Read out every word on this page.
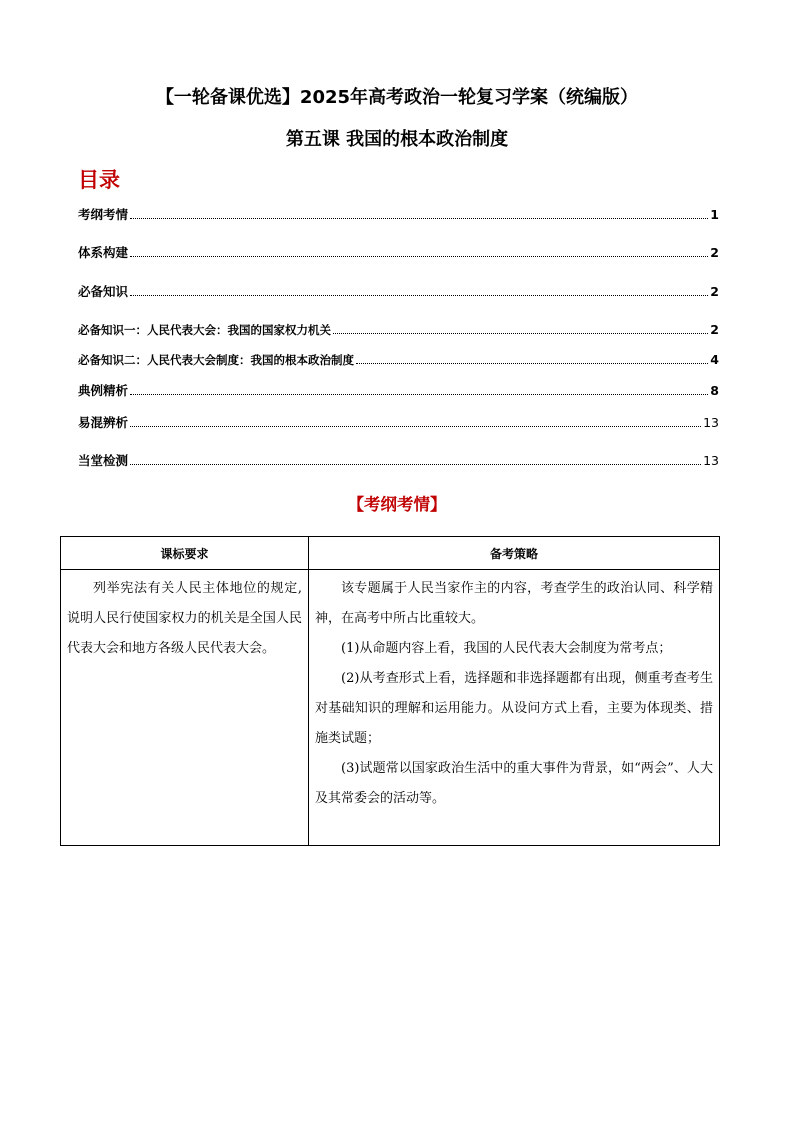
【一轮备课优选】2025年高考政治一轮复习学案（统编版）
第五课 我国的根本政治制度
目录
考纲考情	1
体系构建	2
必备知识	2
必备知识一：人民代表大会：我国的国家权力机关	2
必备知识二：人民代表大会制度：我国的根本政治制度	4
典例精析	8
易混辨析	13
当堂检测	13
【考纲考情】
课标要求	备考策略

列举宪法有关人民主体地位的规定,说明人民行使国家权力的机关是全国人民代表大会和地方各级人民代表大会。	该专题属于人民当家作主的内容，考查学生的政治认同、科学精神，在高考中所占比重较大。

(1)从命题内容上看，我国的人民代表大会制度为常考点；

(2)从考查形式上看，选择题和非选择题都有出现，侧重考查考生对基础知识的理解和运用能力。从设问方式上看，主要为体现类、措施类试题；

(3)试题常以国家政治生活中的重大事件为背景，如“两会”、人大及其常委会的活动等。
